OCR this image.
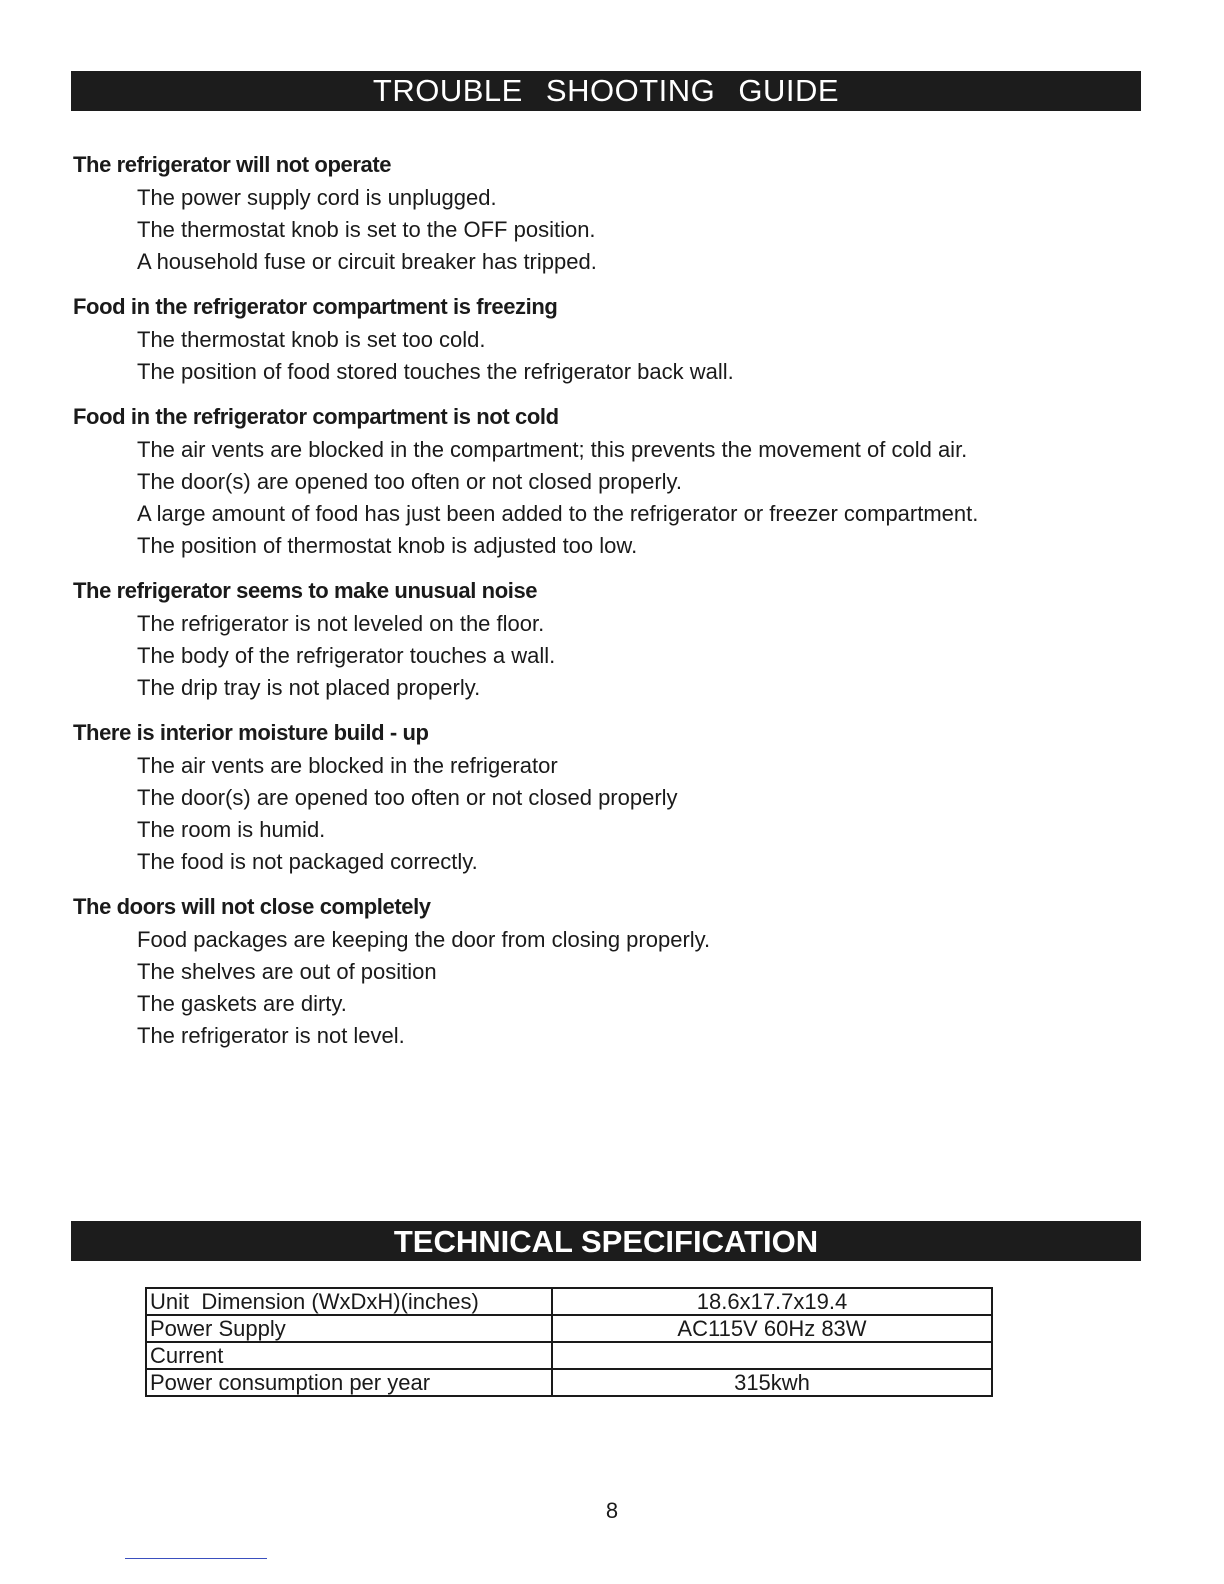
TROUBLE SHOOTING GUIDE
The refrigerator will not operate
The power supply cord is unplugged.
The thermostat knob is set to the OFF position.
A household fuse or circuit breaker has tripped.
Food in the refrigerator compartment is freezing
The thermostat knob is set too cold.
The position of food stored touches the refrigerator back wall.
Food in the refrigerator compartment is not cold
The air vents are blocked in the compartment; this prevents the movement of cold air.
The door(s) are opened too often or not closed properly.
A large amount of food has just been added to the refrigerator or freezer compartment.
The position of thermostat knob is adjusted too low.
The refrigerator seems to make unusual noise
The refrigerator is not leveled on the floor.
The body of the refrigerator touches a wall.
The drip tray is not placed properly.
There is interior moisture build - up
The air vents are blocked in the refrigerator
The door(s) are opened too often or not closed properly
The room is humid.
The food is not packaged correctly.
The doors will not close completely
Food packages are keeping the door from closing properly.
The shelves are out of position
The gaskets are dirty.
The refrigerator is not level.
TECHNICAL SPECIFICATION
Unit  Dimension (WxDxH)(inches)	18.6x17.7x19.4
Power Supply	AC115V 60Hz 83W
Current	
Power consumption per year	315kwh
8
